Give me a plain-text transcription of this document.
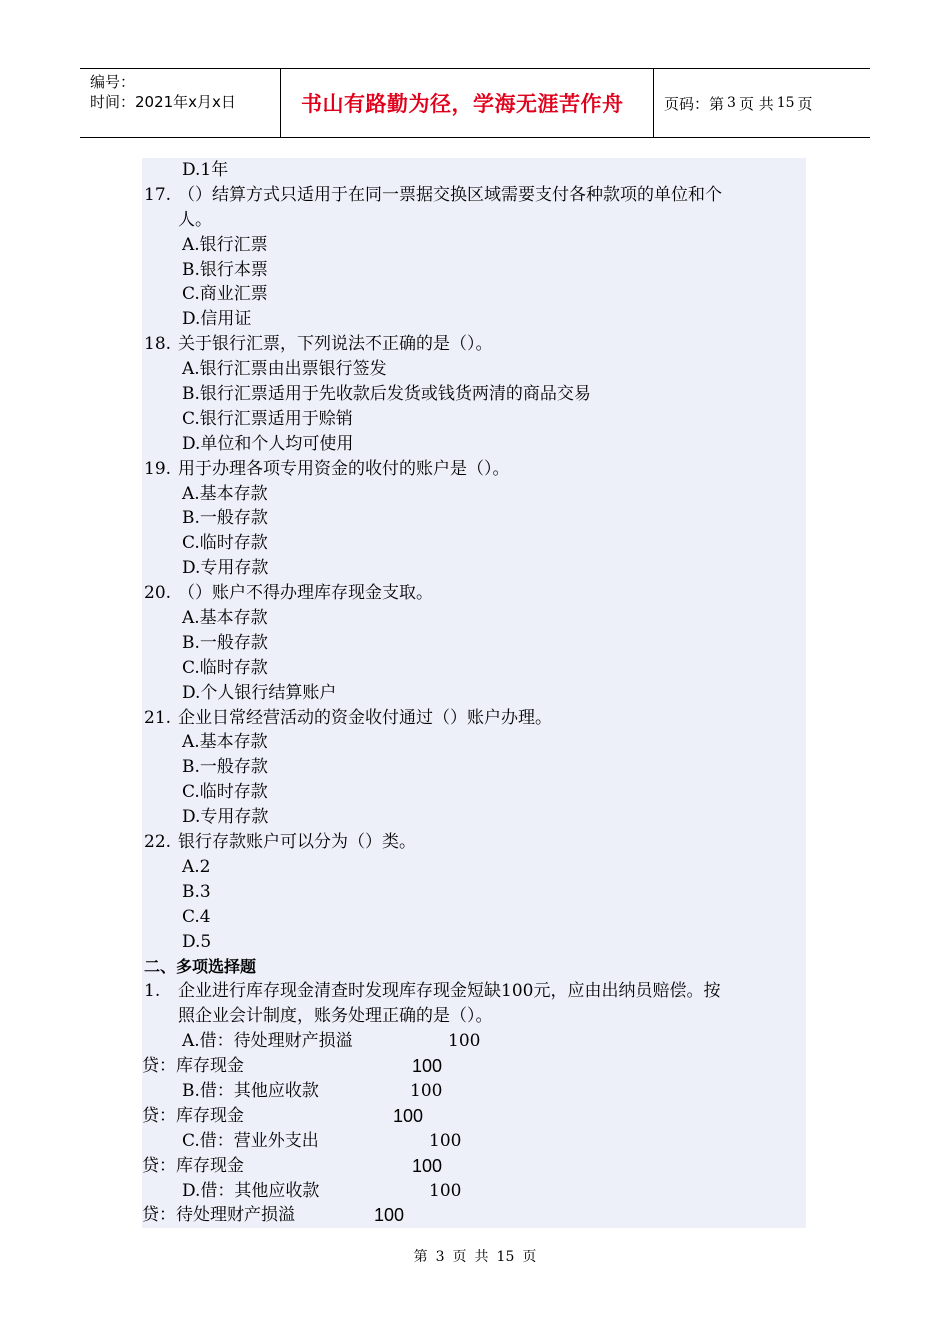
编号：
时间：2021年x月x日	书山有路勤为径，学海无涯苦作舟	页码：第 3 页 共 15 页
D.1年
17. （）结算方式只适用于在同一票据交换区域需要支付各种款项的单位和个
人。
A.银行汇票
B.银行本票
C.商业汇票
D.信用证
18. 关于银行汇票，下列说法不正确的是（）。
A.银行汇票由出票银行签发
B.银行汇票适用于先收款后发货或钱货两清的商品交易
C.银行汇票适用于赊销
D.单位和个人均可使用
19. 用于办理各项专用资金的收付的账户是（）。
A.基本存款
B.一般存款
C.临时存款
D.专用存款
20. （）账户不得办理库存现金支取。
A.基本存款
B.一般存款
C.临时存款
D.个人银行结算账户
21. 企业日常经营活动的资金收付通过（）账户办理。
A.基本存款
B.一般存款
C.临时存款
D.专用存款
22. 银行存款账户可以分为（）类。
A.2
B.3
C.4
D.5
二、多项选择题
1. 企业进行库存现金清查时发现库存现金短缺100元，应由出纳员赔偿。按
照企业会计制度，账务处理正确的是（）。
A.借：待处理财产损溢	100
贷：库存现金	100
B.借：其他应收款	100
贷：库存现金	100
C.借：营业外支出	100
贷：库存现金	100
D.借：其他应收款	100
贷：待处理财产损溢	100
第 3 页 共 15 页
